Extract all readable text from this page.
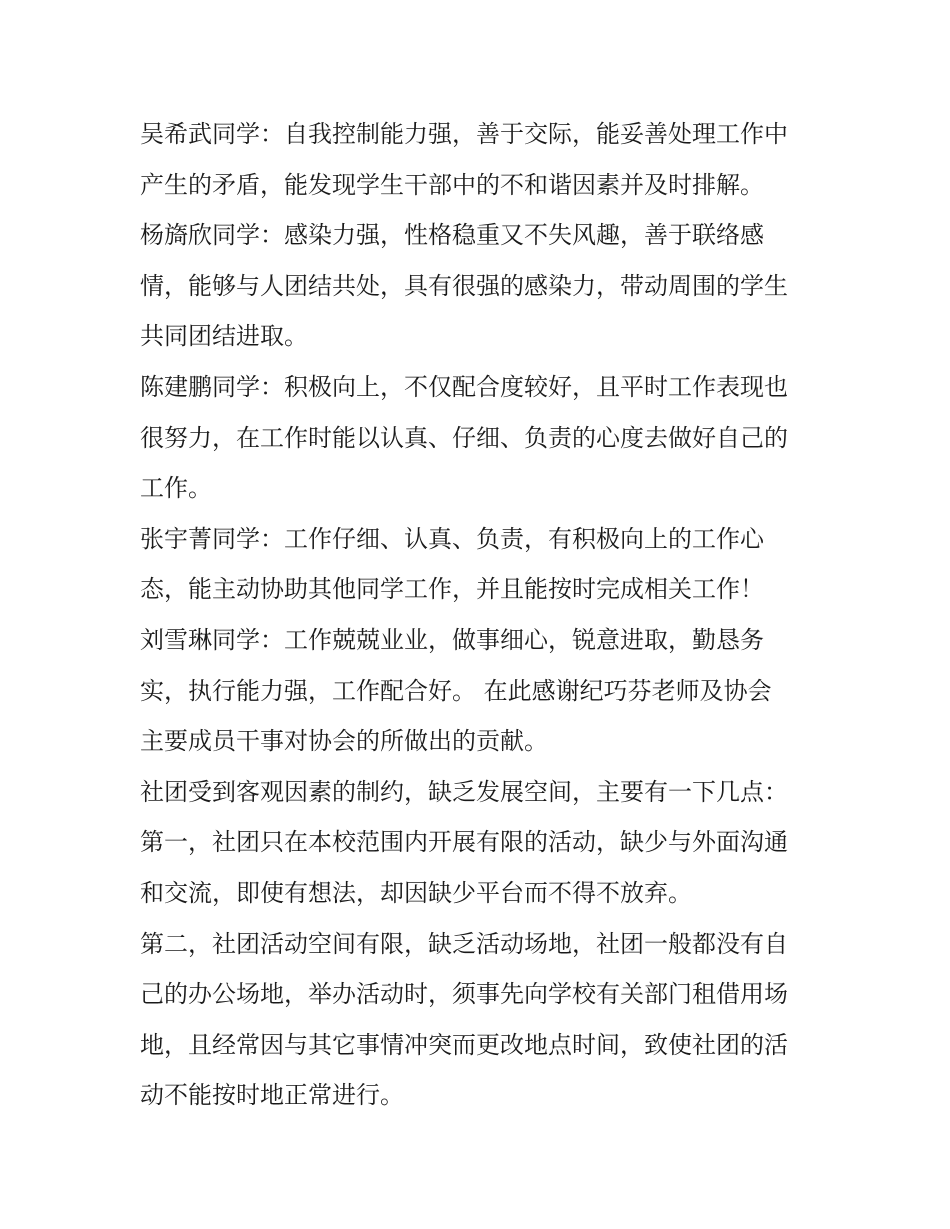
吴希武同学：自我控制能力强，善于交际，能妥善处理工作中
产生的矛盾，能发现学生干部中的不和谐因素并及时排解。
杨旖欣同学：感染力强，性格稳重又不失风趣，善于联络感
情，能够与人团结共处，具有很强的感染力，带动周围的学生
共同团结进取。
陈建鹏同学：积极向上，不仅配合度较好，且平时工作表现也
很努力，在工作时能以认真、仔细、负责的心度去做好自己的
工作。
张宇菁同学：工作仔细、认真、负责，有积极向上的工作心
态，能主动协助其他同学工作，并且能按时完成相关工作！
刘雪琳同学：工作兢兢业业，做事细心，锐意进取，勤恳务
实，执行能力强，工作配合好。 在此感谢纪巧芬老师及协会
主要成员干事对协会的所做出的贡献。
社团受到客观因素的制约，缺乏发展空间，主要有一下几点：
第一，社团只在本校范围内开展有限的活动，缺少与外面沟通
和交流，即使有想法，却因缺少平台而不得不放弃。
第二，社团活动空间有限，缺乏活动场地，社团一般都没有自
己的办公场地，举办活动时，须事先向学校有关部门租借用场
地，且经常因与其它事情冲突而更改地点时间，致使社团的活
动不能按时地正常进行。
